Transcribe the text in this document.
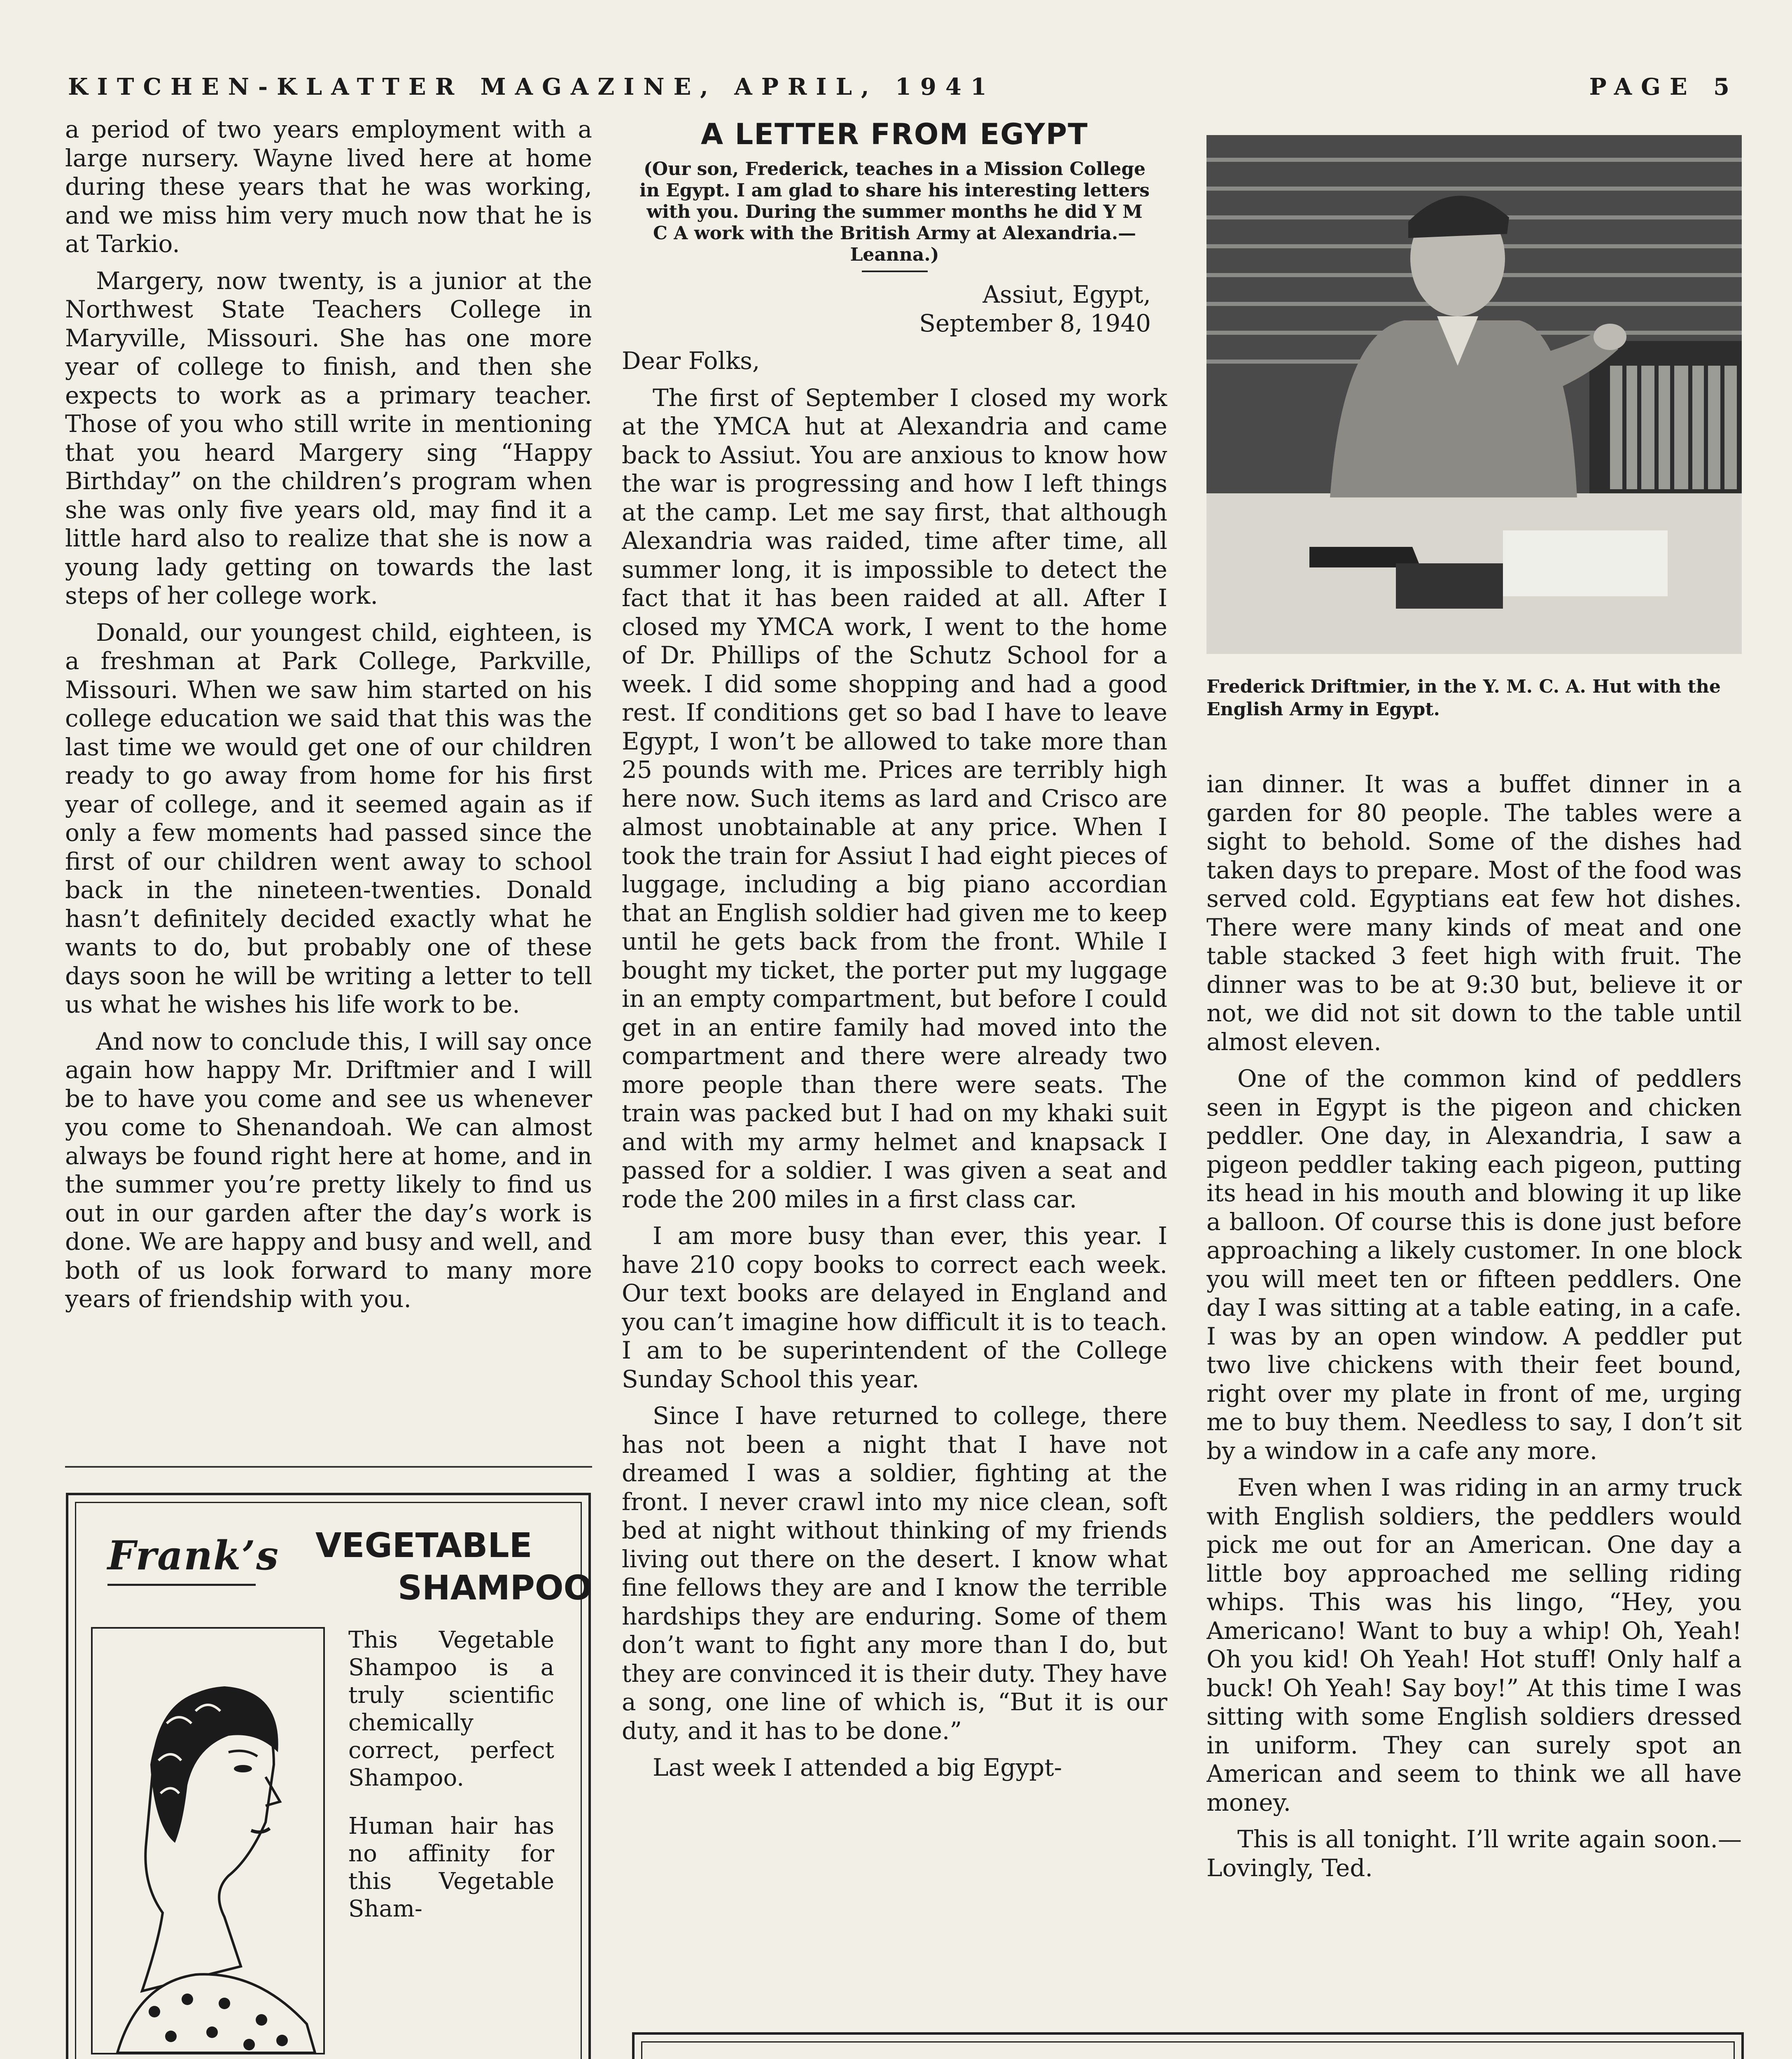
KITCHEN-KLATTER MAGAZINE, APRIL, 1941	PAGE 5

a period of two years employment with a large nursery. Wayne lived here at home during these years that he was working, and we miss him very much now that he is at Tarkio.

Margery, now twenty, is a junior at the Northwest State Teachers College in Maryville, Missouri. She has one more year of college to finish, and then she expects to work as a primary teacher. Those of you who still write in mentioning that you heard Margery sing “Happy Birthday” on the children’s program when she was only five years old, may find it a little hard also to realize that she is now a young lady getting on towards the last steps of her college work.

Donald, our youngest child, eighteen, is a freshman at Park College, Parkville, Missouri. When we saw him started on his college education we said that this was the last time we would get one of our children ready to go away from home for his first year of college, and it seemed again as if only a few moments had passed since the first of our children went away to school back in the nineteen-twenties. Donald hasn’t definitely decided exactly what he wants to do, but probably one of these days soon he will be writing a letter to tell us what he wishes his life work to be.

And now to conclude this, I will say once again how happy Mr. Driftmier and I will be to have you come and see us whenever you come to Shenandoah. We can almost always be found right here at home, and in the summer you’re pretty likely to find us out in our garden after the day’s work is done. We are happy and busy and well, and both of us look forward to many more years of friendship with you.

A LETTER FROM EGYPT
(Our son, Frederick, teaches in a Mission College in Egypt. I am glad to share his interesting letters with you. During the summer months he did Y M C A work with the British Army at Alexandria.—Leanna.)
Assiut, Egypt,
September 8, 1940

Dear Folks,

The first of September I closed my work at the YMCA hut at Alexandria and came back to Assiut. You are anxious to know how the war is progressing and how I left things at the camp. Let me say first, that although Alexandria was raided, time after time, all summer long, it is impossible to detect the fact that it has been raided at all. After I closed my YMCA work, I went to the home of Dr. Phillips of the Schutz School for a week. I did some shopping and had a good rest. If conditions get so bad I have to leave Egypt, I won’t be allowed to take more than 25 pounds with me. Prices are terribly high here now. Such items as lard and Crisco are almost unobtainable at any price. When I took the train for Assiut I had eight pieces of luggage, including a big piano accordian that an English soldier had given me to keep until he gets back from the front. While I bought my ticket, the porter put my luggage in an empty compartment, but before I could get in an entire family had moved into the compartment and there were already two more people than there were seats. The train was packed but I had on my khaki suit and with my army helmet and knapsack I passed for a soldier. I was given a seat and rode the 200 miles in a first class car.

I am more busy than ever, this year. I have 210 copy books to correct each week. Our text books are delayed in England and you can’t imagine how difficult it is to teach. I am to be superintendent of the College Sunday School this year.

Since I have returned to college, there has not been a night that I have not dreamed I was a soldier, fighting at the front. I never crawl into my nice clean, soft bed at night without thinking of my friends living out there on the desert. I know what fine fellows they are and I know the terrible hardships they are enduring. Some of them don’t want to fight any more than I do, but they are convinced it is their duty. They have a song, one line of which is, “But it is our duty, and it has to be done.”

Last week I attended a big Egypt-

Frederick Driftmier, in the Y. M. C. A. Hut with the English Army in Egypt.

ian dinner. It was a buffet dinner in a garden for 80 people. The tables were a sight to behold. Some of the dishes had taken days to prepare. Most of the food was served cold. Egyptians eat few hot dishes. There were many kinds of meat and one table stacked 3 feet high with fruit. The dinner was to be at 9:30 but, believe it or not, we did not sit down to the table until almost eleven.

One of the common kind of peddlers seen in Egypt is the pigeon and chicken peddler. One day, in Alexandria, I saw a pigeon peddler taking each pigeon, putting its head in his mouth and blowing it up like a balloon. Of course this is done just before approaching a likely customer. In one block you will meet ten or fifteen peddlers. One day I was sitting at a table eating, in a cafe. I was by an open window. A peddler put two live chickens with their feet bound, right over my plate in front of me, urging me to buy them. Needless to say, I don’t sit by a window in a cafe any more.

Even when I was riding in an army truck with English soldiers, the peddlers would pick me out for an American. One day a little boy approached me selling riding whips. This was his lingo, “Hey, you Americano! Want to buy a whip! Oh, Yeah! Oh you kid! Oh Yeah! Hot stuff! Only half a buck! Oh Yeah! Say boy!” At this time I was sitting with some English soldiers dressed in uniform. They can surely spot an American and seem to think we all have money.

This is all tonight. I’ll write again soon.—Lovingly, Ted.

Frank’s VEGETABLE
SHAMPOO

This Vegetable Shampoo is a truly scientific chemically correct, perfect Shampoo.

Human hair has no affinity for this Vegetable Sham-
